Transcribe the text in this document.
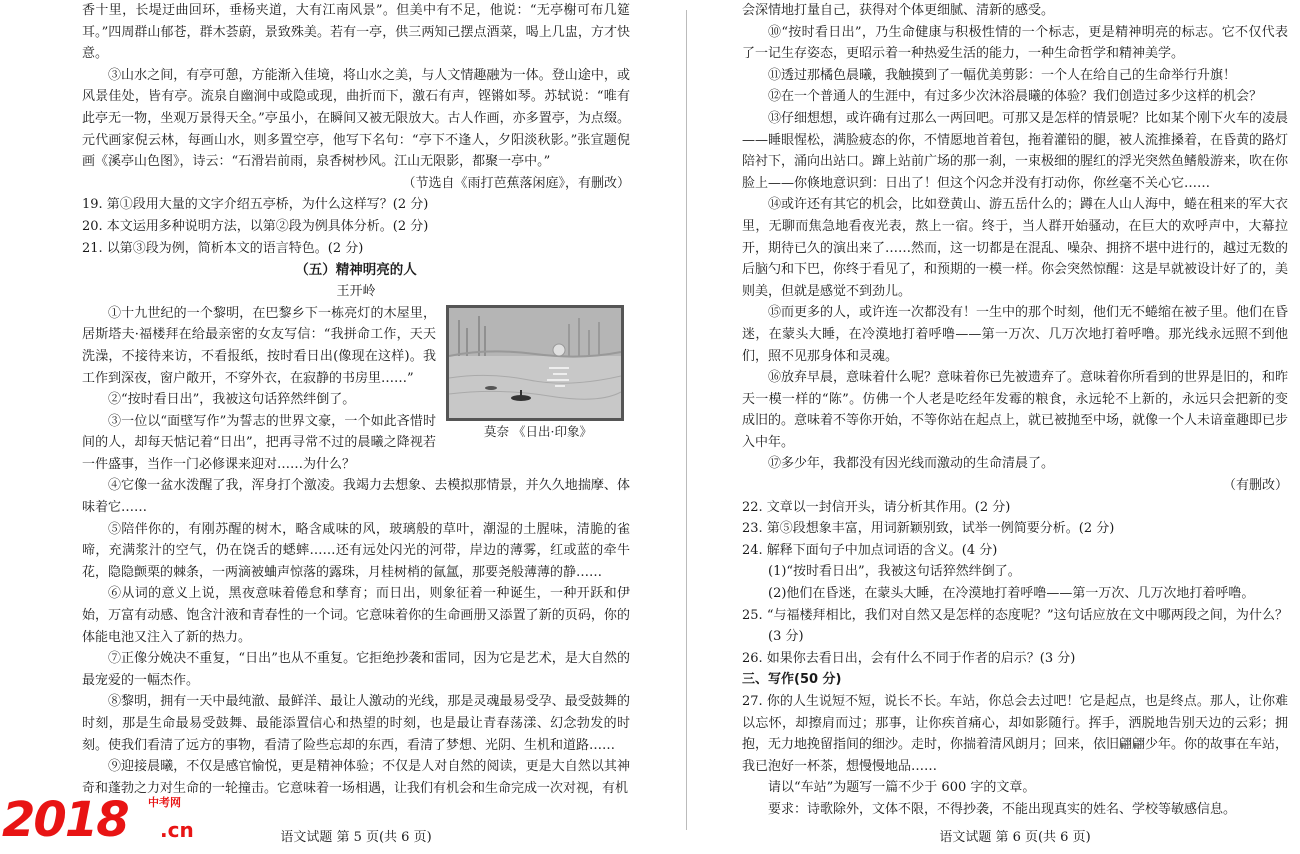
香十里，长堤迂曲回环，垂杨夹道，大有江南风景”。但美中有不足，他说：“无亭榭可布几筵耳。”四周群山郁苍，群木荟蔚，景致殊美。若有一亭，供三两知己摆点酒菜，喝上几盅，方才快意。

③山水之间，有亭可憩，方能渐入佳境，将山水之美，与人文情趣融为一体。登山途中，或风景佳处，皆有亭。流泉自幽涧中或隐或现，曲折而下，激石有声，铿锵如琴。苏轼说：“唯有此亭无一物，坐观万景得天全。”亭虽小，在瞬间又被无限放大。古人作画，亦多置亭，为点缀。元代画家倪云林，每画山水，则多置空亭，他写下名句：“亭下不逢人，夕阳淡秋影。”张宣题倪画《溪亭山色图》，诗云：“石滑岩前雨，泉香树杪风。江山无限影，都聚一亭中。”

（节选自《雨打芭蕉落闲庭》，有删改）

19. 第①段用大量的文字介绍五亭桥，为什么这样写？(2 分)

20. 本文运用多种说明方法，以第②段为例具体分析。(2 分)

21. 以第③段为例，简析本文的语言特色。(2 分)

（五）精神明亮的人

王开岭

莫奈 《日出·印象》

①十九世纪的一个黎明，在巴黎乡下一栋亮灯的木屋里，居斯塔夫·福楼拜在给最亲密的女友写信：“我拼命工作，天天洗澡，不接待来访，不看报纸，按时看日出(像现在这样)。我工作到深夜，窗户敞开，不穿外衣，在寂静的书房里……”

②“按时看日出”，我被这句话猝然绊倒了。

③一位以“面壁写作”为誓志的世界文豪，一个如此吝惜时间的人，却每天惦记着“日出”，把再寻常不过的晨曦之降视若一件盛事，当作一门必修课来迎对……为什么？

④它像一盆水泼醒了我，浑身打个激凌。我竭力去想象、去模拟那情景，并久久地揣摩、体味着它……

⑤陪伴你的，有刚苏醒的树木，略含咸味的风，玻璃般的草叶，潮湿的土腥味，清脆的雀啼，充满浆汁的空气，仍在饶舌的蟋蟀……还有远处闪光的河带，岸边的薄雾，红或蓝的牵牛花，隐隐颤栗的棘条，一两滴被蛐声惊落的露珠，月桂树梢的氤氲，那要尧般薄薄的静……

⑥从词的意义上说，黑夜意味着倦怠和孳育；而日出，则象征着一种诞生，一种开跃和伊始，万富有动感、饱含汁液和青春性的一个词。它意味着你的生命画册又添置了新的页码，你的体能电池又注入了新的热力。

⑦正像分娩决不重复，“日出”也从不重复。它拒绝抄袭和雷同，因为它是艺术，是大自然的最宠爱的一幅杰作。

⑧黎明，拥有一天中最纯澈、最鲜洋、最让人激动的光线，那是灵魂最易受孕、最受鼓舞的时刻，那是生命最易受鼓舞、最能添置信心和热望的时刻，也是最让青春荡漾、幻念勃发的时刻。使我们看清了远方的事物，看清了险些忘却的东西，看清了梦想、光阴、生机和道路……

⑨迎接晨曦，不仅是感官愉悦，更是精神体验；不仅是人对自然的阅读，更是大自然以其神奇和蓬勃之力对生命的一轮撞击。它意味着一场相遇，让我们有机会和生命完成一次对视，有机

语文试题 第 5 页(共 6 页)

会深情地打量自己，获得对个体更细腻、清新的感受。

⑩“按时看日出”，乃生命健康与积极性情的一个标志，更是精神明亮的标志。它不仅代表了一记生存姿态，更昭示着一种热爱生活的能力，一种生命哲学和精神美学。

⑪透过那橘色晨曦，我触摸到了一幅优美剪影：一个人在给自己的生命举行升旗！

⑫在一个普通人的生涯中，有过多少次沐浴晨曦的体验？我们创造过多少这样的机会？

⑬仔细想想，或许确有过那么一两回吧。可那又是怎样的情景呢？比如某个刚下火车的凌晨——睡眼惺松，满脸疲态的你，不情愿地首着包，拖着灌铅的腿，被人流推搡着，在昏黄的路灯陪衬下，涌向出站口。蹿上站前广场的那一刹，一束极细的腥红的浮光突然鱼鳍般游来，吹在你脸上——你倏地意识到：日出了！但这个闪念并没有打动你，你丝毫不关心它……

⑭或许还有其它的机会，比如登黄山、游五岳什么的；蹲在人山人海中，蜷在租来的军大衣里，无聊而焦急地看夜光表，熬上一宿。终于，当人群开始骚动，在巨大的欢呼声中，大幕拉开，期待已久的演出来了……然而，这一切都是在混乱、噪杂、拥挤不堪中进行的，越过无数的后脑勺和下巴，你终于看见了，和预期的一模一样。你会突然惊醒：这是早就被设计好了的，美则美，但就是感觉不到劲儿。

⑮而更多的人，或许连一次都没有！一生中的那个时刻，他们无不蜷缩在被子里。他们在昏迷，在蒙头大睡，在冷漠地打着呼噜——第一万次、几万次地打着呼噜。那光线永远照不到他们，照不见那身体和灵魂。

⑯放弃早晨，意味着什么呢？意味着你已先被遗弃了。意味着你所看到的世界是旧的，和昨天一模一样的“陈”。仿佛一个人老是吃经年发霉的粮食，永远轮不上新的，永远只会把新的变成旧的。意味着不等你开始，不等你站在起点上，就已被抛至中场，就像一个人未谙童趣即已步入中年。

⑰多少年，我都没有因光线而激动的生命清晨了。

（有删改）

22. 文章以一封信开头，请分析其作用。(2 分)

23. 第⑤段想象丰富，用词新颖别致，试举一例简要分析。(2 分)

24. 解释下面句子中加点词语的含义。(4 分)

(1)“按时看日出”，我被这句话猝然绊倒了。

(2)他们在昏迷，在蒙头大睡，在冷漠地打着呼噜——第一万次、几万次地打着呼噜。

25. “与福楼拜相比，我们对自然又是怎样的态度呢？”这句话应放在文中哪两段之间，为什么？(3 分)

26. 如果你去看日出，会有什么不同于作者的启示？(3 分)

三、写作(50 分)

27. 你的人生说短不短，说长不长。车站，你总会去过吧！它是起点，也是终点。那人，让你难以忘怀，却擦肩而过；那事，让你疾首痛心，却如影随行。挥手，洒脱地告别天边的云彩；拥抱，无力地挽留指间的细沙。走时，你揣着清风朗月；回来，依旧翩翩少年。你的故事在车站，我已泡好一杯茶，想慢慢地品……

请以“车站”为题写一篇不少于 600 字的文章。

要求：诗歌除外，文体不限，不得抄袭，不能出现真实的姓名、学校等敏感信息。

语文试题 第 6 页(共 6 页)
2018 中考网
.cn
